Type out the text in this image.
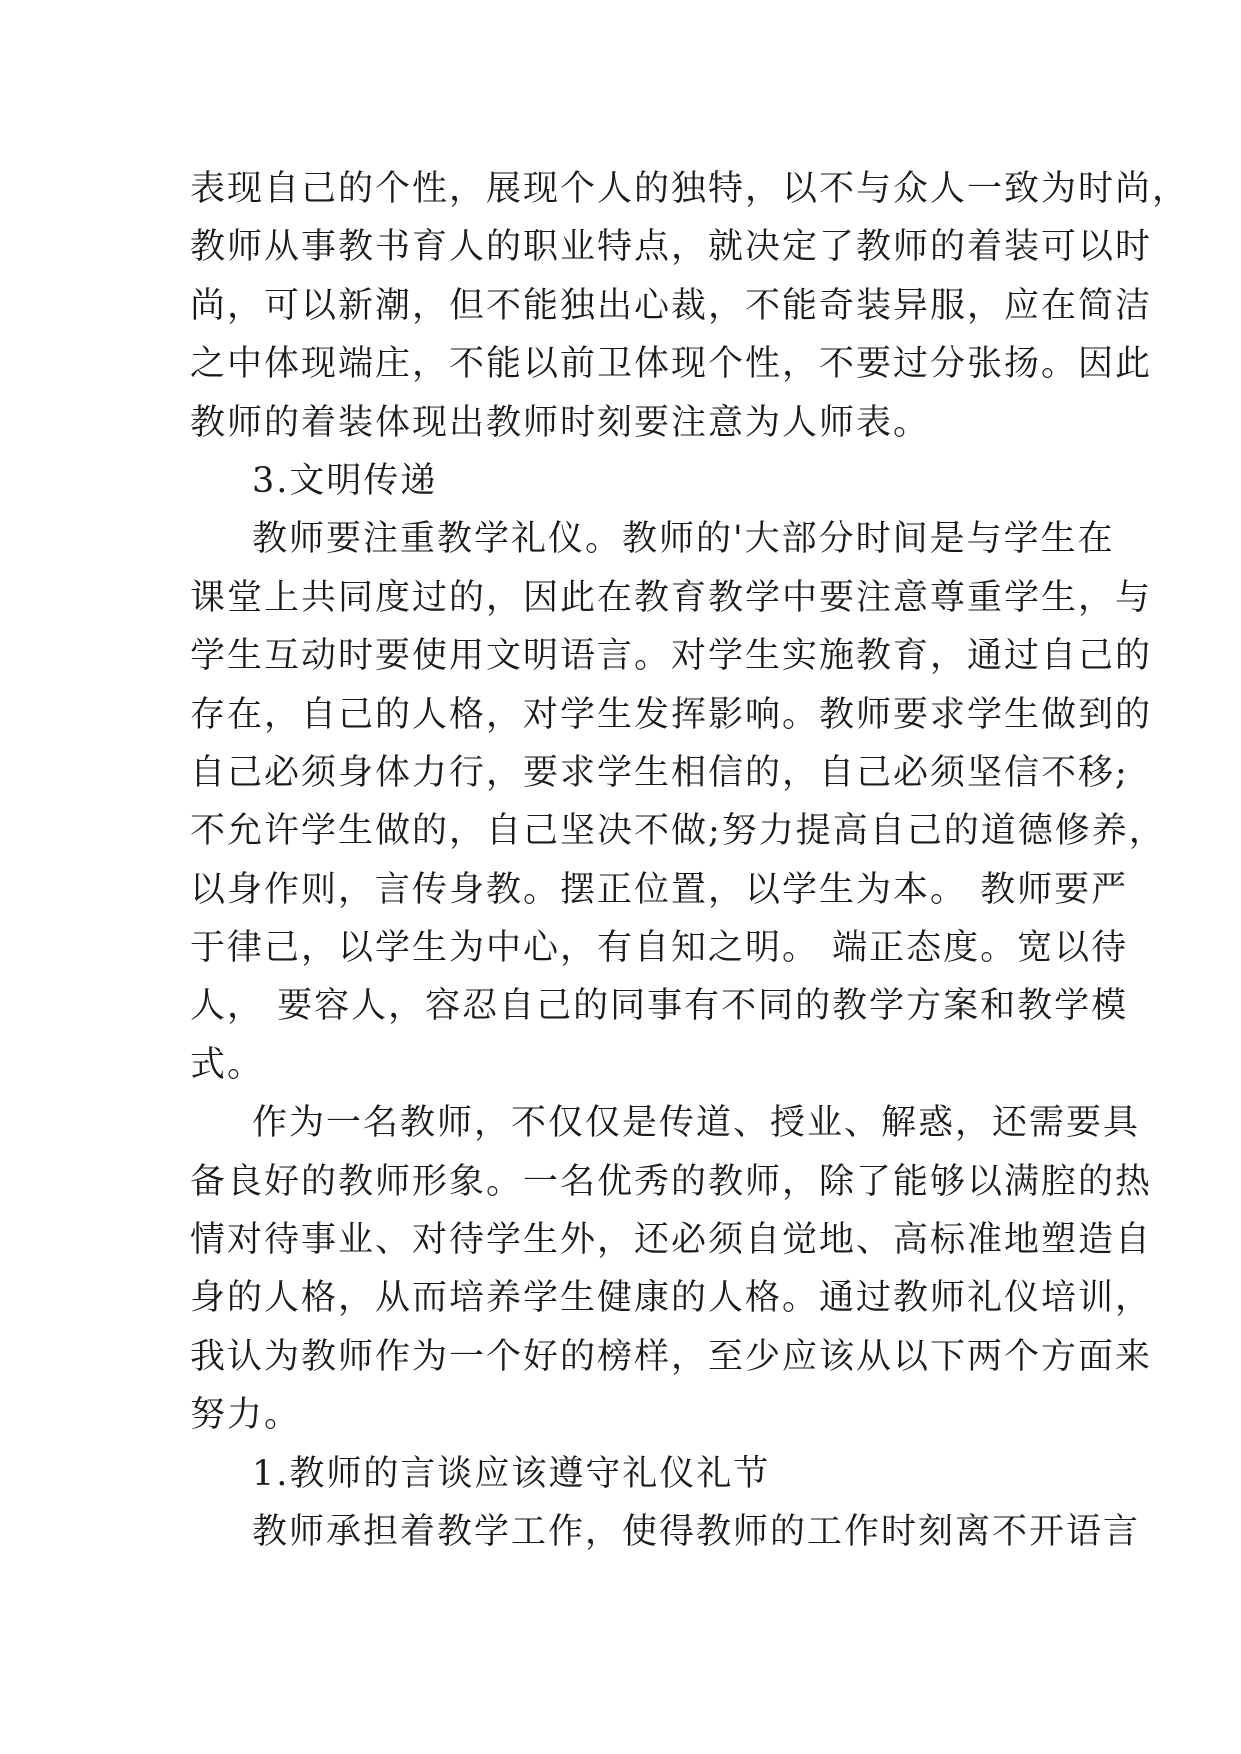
表现自己的个性，展现个人的独特，以不与众人一致为时尚，
教师从事教书育人的职业特点，就决定了教师的着装可以时
尚，可以新潮，但不能独出心裁，不能奇装异服，应在简洁
之中体现端庄，不能以前卫体现个性，不要过分张扬。因此
教师的着装体现出教师时刻要注意为人师表。
3.文明传递
教师要注重教学礼仪。教师的'大部分时间是与学生在
课堂上共同度过的，因此在教育教学中要注意尊重学生，与
学生互动时要使用文明语言。对学生实施教育，通过自己的
存在，自己的人格，对学生发挥影响。教师要求学生做到的
自己必须身体力行，要求学生相信的，自己必须坚信不移;
不允许学生做的，自己坚决不做;努力提高自己的道德修养，
以身作则，言传身教。摆正位置，以学生为本。 教师要严
于律己，以学生为中心，有自知之明。 端正态度。宽以待
人， 要容人，容忍自己的同事有不同的教学方案和教学模
式。
作为一名教师，不仅仅是传道、授业、解惑，还需要具
备良好的教师形象。一名优秀的教师，除了能够以满腔的热
情对待事业、对待学生外，还必须自觉地、高标准地塑造自
身的人格，从而培养学生健康的人格。通过教师礼仪培训，
我认为教师作为一个好的榜样，至少应该从以下两个方面来
努力。
1.教师的言谈应该遵守礼仪礼节
教师承担着教学工作，使得教师的工作时刻离不开语言
